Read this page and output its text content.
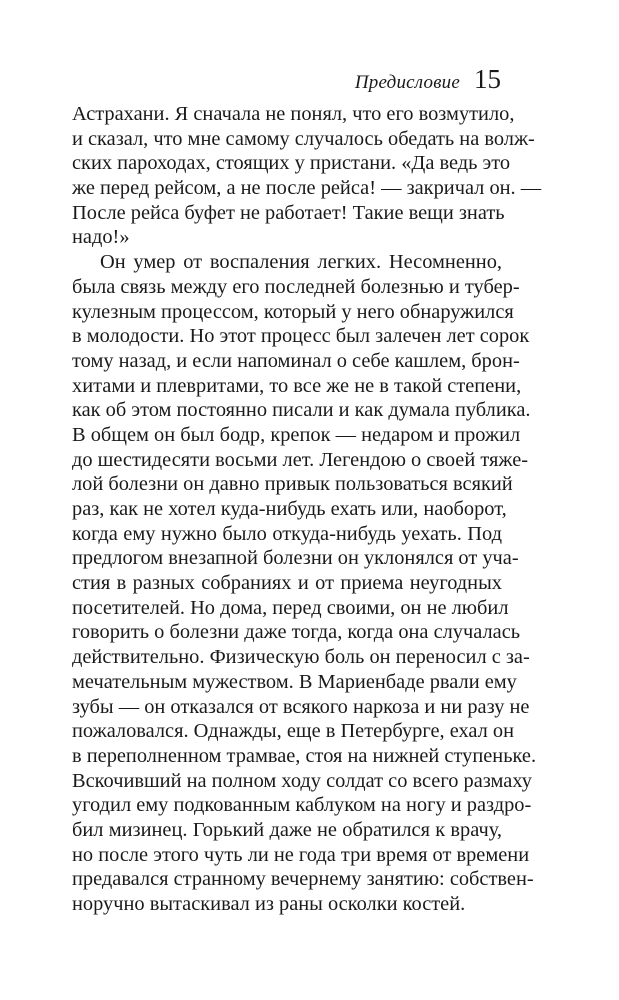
Предисловие 15
Астрахани. Я сначала не понял, что его возмутило,
и сказал, что мне самому случалось обедать на волж-
ских пароходах, стоящих у пристани. «Да ведь это
же перед рейсом, а не после рейса! — закричал он. —
После рейса буфет не работает! Такие вещи знать
надо!»
Он умер от воспаления легких. Несомненно,
была связь между его последней болезнью и тубер-
кулезным процессом, который у него обнаружился
в молодости. Но этот процесс был залечен лет сорок
тому назад, и если напоминал о себе кашлем, брон-
хитами и плевритами, то все же не в такой степени,
как об этом постоянно писали и как думала публика.
В общем он был бодр, крепок — недаром и прожил
до шестидесяти восьми лет. Легендою о своей тяже-
лой болезни он давно привык пользоваться всякий
раз, как не хотел куда-нибудь ехать или, наоборот,
когда ему нужно было откуда-нибудь уехать. Под
предлогом внезапной болезни он уклонялся от уча-
стия в разных собраниях и от приема неугодных
посетителей. Но дома, перед своими, он не любил
говорить о болезни даже тогда, когда она случалась
действительно. Физическую боль он переносил с за-
мечательным мужеством. В Мариенбаде рвали ему
зубы — он отказался от всякого наркоза и ни разу не
пожаловался. Однажды, еще в Петербурге, ехал он
в переполненном трамвае, стоя на нижней ступеньке.
Вскочивший на полном ходу солдат со всего размаху
угодил ему подкованным каблуком на ногу и раздро-
бил мизинец. Горький даже не обратился к врачу,
но после этого чуть ли не года три время от времени
предавался странному вечернему занятию: собствен-
норучно вытаскивал из раны осколки костей.
